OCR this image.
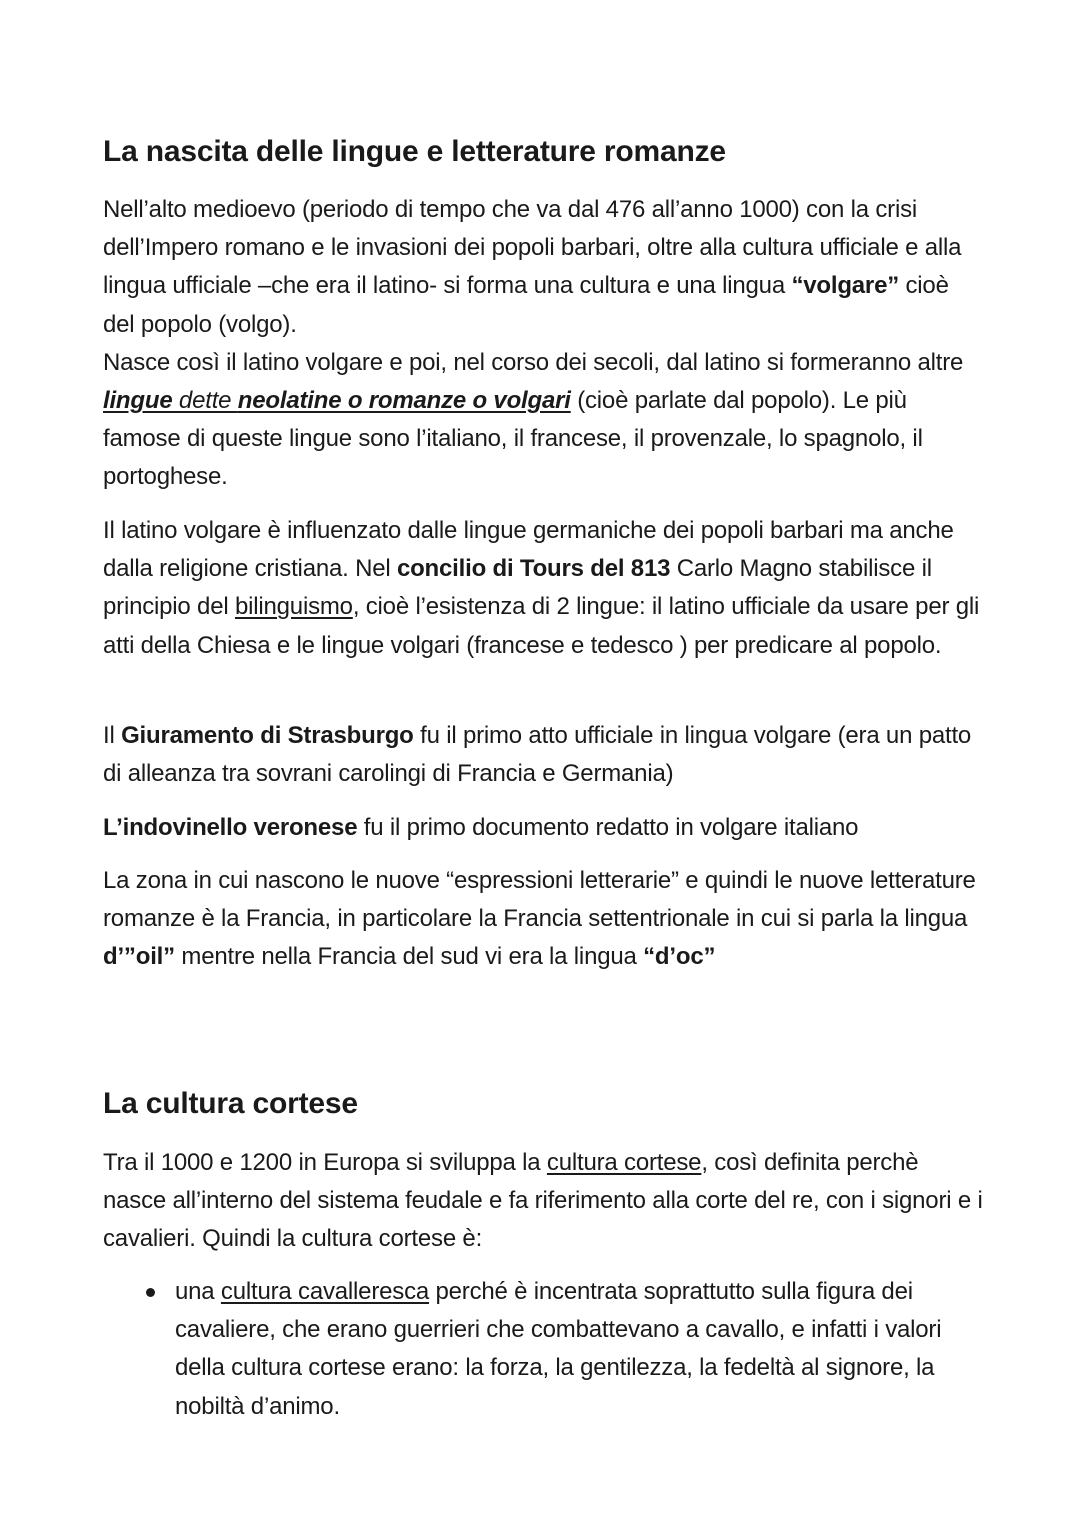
La nascita delle lingue e letterature romanze

Nell’alto medioevo (periodo di tempo che va dal 476 all’anno 1000) con la crisi dell’Impero romano e le invasioni dei popoli barbari, oltre alla cultura ufficiale e alla lingua ufficiale –che era il latino- si forma una cultura e una lingua “volgare” cioè del popolo (volgo).
Nasce così il latino volgare e poi, nel corso dei secoli, dal latino si formeranno altre lingue dette neolatine o romanze o volgari (cioè parlate dal popolo). Le più famose di queste lingue sono l’italiano, il francese, il provenzale, lo spagnolo, il portoghese.

Il latino volgare è influenzato dalle lingue germaniche dei popoli barbari ma anche dalla religione cristiana. Nel concilio di Tours del 813 Carlo Magno stabilisce il principio del bilinguismo, cioè l’esistenza di 2 lingue: il latino ufficiale da usare per gli atti della Chiesa e le lingue volgari (francese e tedesco ) per predicare al popolo.

Il Giuramento di Strasburgo fu il primo atto ufficiale in lingua volgare (era un patto di alleanza tra sovrani carolingi di Francia e Germania)

L’indovinello veronese fu il primo documento redatto in volgare italiano

La zona in cui nascono le nuove “espressioni letterarie” e quindi le nuove letterature romanze è la Francia, in particolare la Francia settentrionale in cui si parla la lingua d’”oil” mentre nella Francia del sud vi era la lingua “d’oc”

La cultura cortese

Tra il 1000 e 1200 in Europa si sviluppa la cultura cortese, così definita perchè nasce all’interno del sistema feudale e fa riferimento alla corte del re, con i signori e i cavalieri. Quindi la cultura cortese è:

una cultura cavalleresca perché è incentrata soprattutto sulla figura dei cavaliere, che erano guerrieri che combattevano a cavallo, e infatti i valori della cultura cortese erano: la forza, la gentilezza, la fedeltà al signore, la nobiltà d’animo.
